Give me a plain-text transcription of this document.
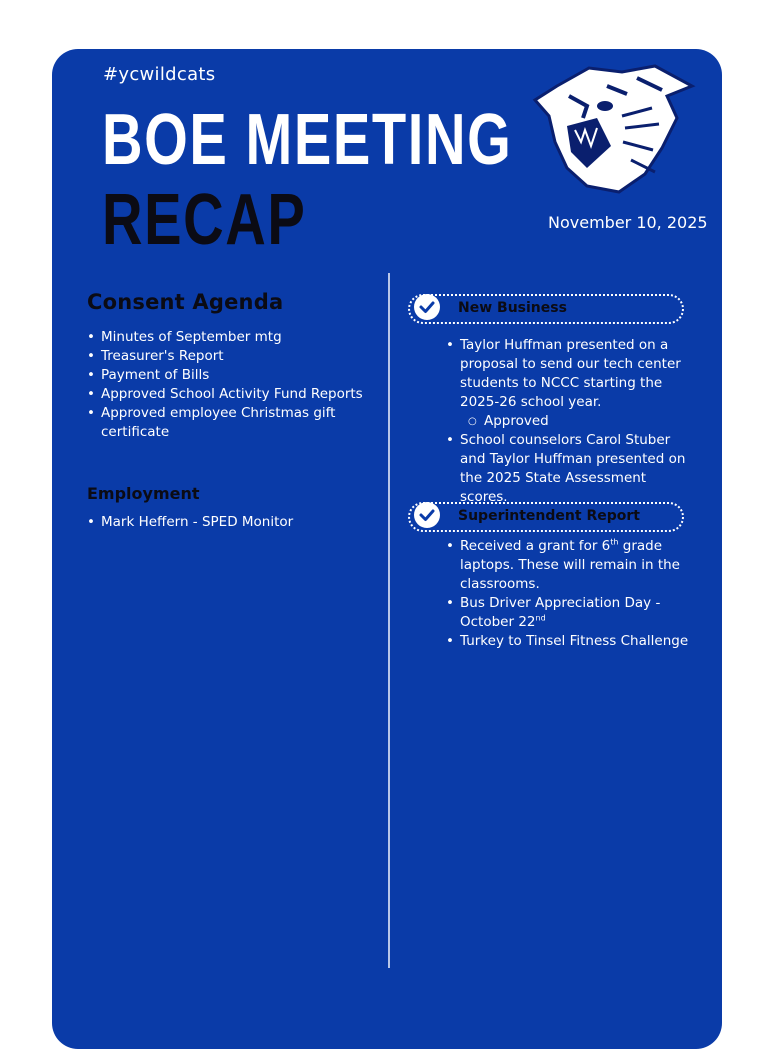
#ycwildcats
BOE MEETING
RECAP	November 10, 2025
Consent Agenda
• Minutes of September mtg
• Treasurer's Report
• Payment of Bills
• Approved School Activity Fund Reports
• Approved employee Christmas gift certificate
Employment
• Mark Heffern - SPED Monitor
New Business
• Taylor Huffman presented on a proposal to send our tech center students to NCCC starting the 2025-26 school year.
○ Approved
• School counselors Carol Stuber and Taylor Huffman presented on the 2025 State Assessment scores.
Superintendent Report
• Received a grant for 6th grade laptops. These will remain in the classrooms.
• Bus Driver Appreciation Day - October 22nd
• Turkey to Tinsel Fitness Challenge
